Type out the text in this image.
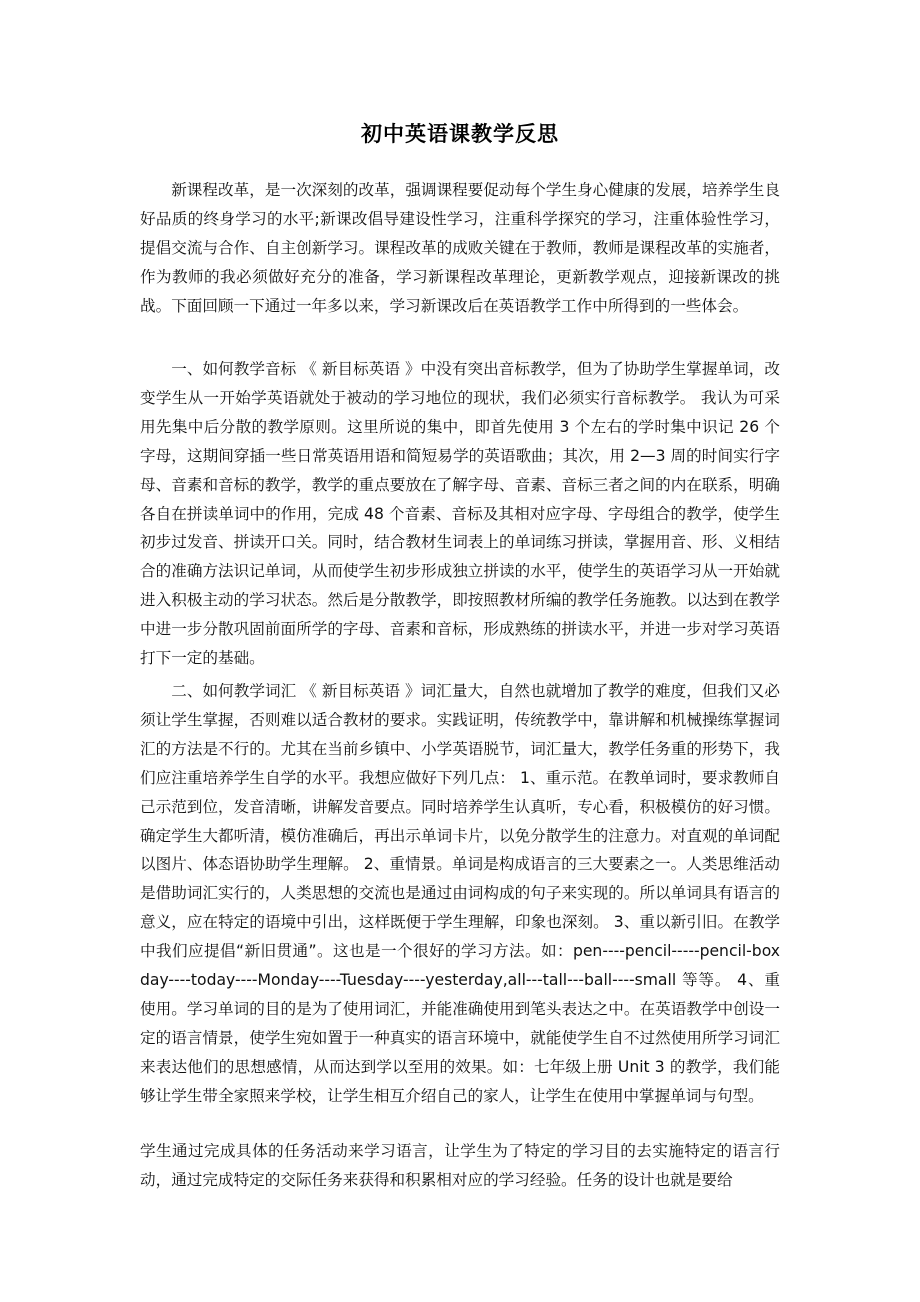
初中英语课教学反思

新课程改革，是一次深刻的改革，强调课程要促动每个学生身心健康的发展，培养学生良好品质的终身学习的水平;新课改倡导建设性学习，注重科学探究的学习，注重体验性学习，提倡交流与合作、自主创新学习。课程改革的成败关键在于教师，教师是课程改革的实施者，作为教师的我必须做好充分的准备，学习新课程改革理论，更新教学观点，迎接新课改的挑战。下面回顾一下通过一年多以来，学习新课改后在英语教学工作中所得到的一些体会。

一、如何教学音标 《 新目标英语 》中没有突出音标教学，但为了协助学生掌握单词，改变学生从一开始学英语就处于被动的学习地位的现状，我们必须实行音标教学。 我认为可采用先集中后分散的教学原则。这里所说的集中，即首先使用 3 个左右的学时集中识记 26 个字母，这期间穿插一些日常英语用语和简短易学的英语歌曲；其次，用 2—3 周的时间实行字母、音素和音标的教学，教学的重点要放在了解字母、音素、音标三者之间的内在联系，明确各自在拼读单词中的作用，完成 48 个音素、音标及其相对应字母、字母组合的教学，使学生初步过发音、拼读开口关。同时，结合教材生词表上的单词练习拼读，掌握用音、形、义相结合的准确方法识记单词，从而使学生初步形成独立拼读的水平，使学生的英语学习从一开始就进入积极主动的学习状态。然后是分散教学，即按照教材所编的教学任务施教。以达到在教学中进一步分散巩固前面所学的字母、音素和音标，形成熟练的拼读水平，并进一步对学习英语打下一定的基础。

二、如何教学词汇 《 新目标英语 》词汇量大，自然也就增加了教学的难度，但我们又必须让学生掌握，否则难以适合教材的要求。实践证明，传统教学中，靠讲解和机械操练掌握词汇的方法是不行的。尤其在当前乡镇中、小学英语脱节，词汇量大，教学任务重的形势下，我们应注重培养学生自学的水平。我想应做好下列几点： 1、重示范。在教单词时，要求教师自己示范到位，发音清晰，讲解发音要点。同时培养学生认真听，专心看，积极模仿的好习惯。确定学生大都听清，模仿准确后，再出示单词卡片，以免分散学生的注意力。对直观的单词配以图片、体态语协助学生理解。 2、重情景。单词是构成语言的三大要素之一。人类思维活动是借助词汇实行的，人类思想的交流也是通过由词构成的句子来实现的。所以单词具有语言的意义，应在特定的语境中引出，这样既便于学生理解，印象也深刻。 3、重以新引旧。在教学中我们应提倡“新旧贯通”。这也是一个很好的学习方法。如：pen----pencil-----pencil-box day----today----Monday----Tuesday----yesterday,all---tall---ball----small 等等。 4、重使用。学习单词的目的是为了使用词汇，并能准确使用到笔头表达之中。在英语教学中创设一定的语言情景，使学生宛如置于一种真实的语言环境中，就能使学生自不过然使用所学习词汇来表达他们的思想感情，从而达到学以至用的效果。如：七年级上册 Unit 3 的教学，我们能够让学生带全家照来学校，让学生相互介绍自己的家人，让学生在使用中掌握单词与句型。

学生通过完成具体的任务活动来学习语言，让学生为了特定的学习目的去实施特定的语言行动，通过完成特定的交际任务来获得和积累相对应的学习经验。任务的设计也就是要给
